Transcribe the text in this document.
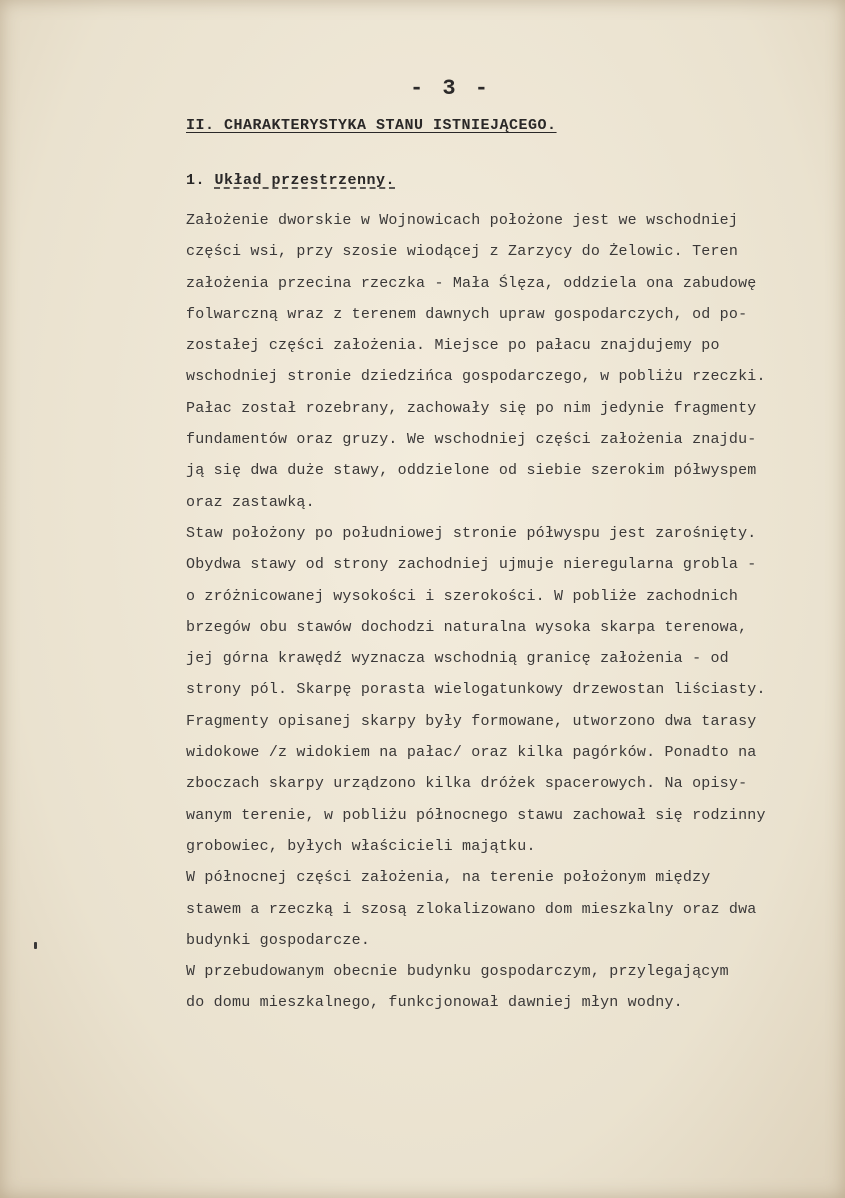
- 3 -
II. CHARAKTERYSTYKA STANU ISTNIEJĄCEGO.
1. Układ przestrzenny.
Założenie dworskie w Wojnowicach położone jest we wschodniej
części wsi, przy szosie wiodącej z Zarzycy do Żelowic. Teren
założenia przecina rzeczka - Mała Ślęza, oddziela ona zabudowę
folwarczną wraz z terenem dawnych upraw gospodarczych, od po-
zostałej części założenia. Miejsce po pałacu znajdujemy po
wschodniej stronie dziedzińca gospodarczego, w pobliżu rzeczki.
Pałac został rozebrany, zachowały się po nim jedynie fragmenty
fundamentów oraz gruzy. We wschodniej części założenia znajdu-
ją się dwa duże stawy, oddzielone od siebie szerokim półwyspem
oraz zastawką.
Staw położony po południowej stronie półwyspu jest zarośnięty.
Obydwa stawy od strony zachodniej ujmuje nieregularna grobla -
o zróżnicowanej wysokości i szerokości. W pobliże zachodnich
brzegów obu stawów dochodzi naturalna wysoka skarpa terenowa,
jej górna krawędź wyznacza wschodnią granicę założenia - od
strony pól. Skarpę porasta wielogatunkowy drzewostan liściasty.
Fragmenty opisanej skarpy były formowane, utworzono dwa tarasy
widokowe /z widokiem na pałac/ oraz kilka pagórków. Ponadto na
zboczach skarpy urządzono kilka dróżek spacerowych. Na opisy-
wanym terenie, w pobliżu północnego stawu zachował się rodzinny
grobowiec, byłych właścicieli majątku.
W północnej części założenia, na terenie położonym między
stawem a rzeczką i szosą zlokalizowano dom mieszkalny oraz dwa
budynki gospodarcze.
W przebudowanym obecnie budynku gospodarczym, przylegającym
do domu mieszkalnego, funkcjonował dawniej młyn wodny.
